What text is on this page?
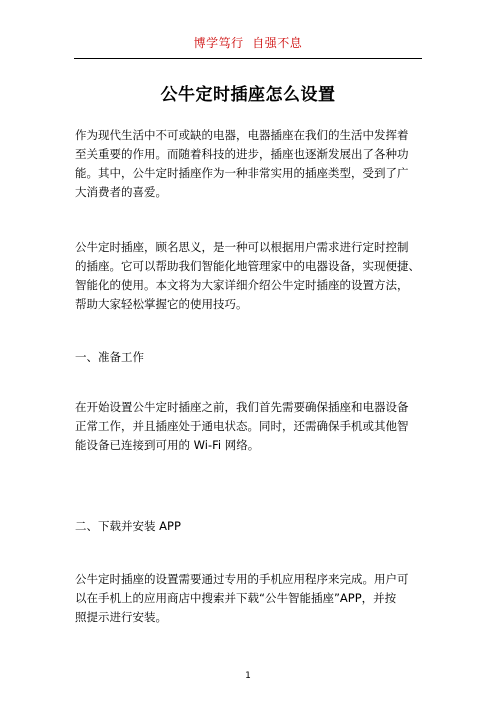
博学笃行  自强不息
公牛定时插座怎么设置
作为现代生活中不可或缺的电器，电器插座在我们的生活中发挥着
至关重要的作用。而随着科技的进步，插座也逐渐发展出了各种功
能。其中，公牛定时插座作为一种非常实用的插座类型，受到了广
大消费者的喜爱。
公牛定时插座，顾名思义，是一种可以根据用户需求进行定时控制
的插座。它可以帮助我们智能化地管理家中的电器设备，实现便捷、
智能化的使用。本文将为大家详细介绍公牛定时插座的设置方法，
帮助大家轻松掌握它的使用技巧。
一、准备工作
在开始设置公牛定时插座之前，我们首先需要确保插座和电器设备
正常工作，并且插座处于通电状态。同时，还需确保手机或其他智
能设备已连接到可用的 Wi-Fi 网络。
二、下载并安装 APP
公牛定时插座的设置需要通过专用的手机应用程序来完成。用户可
以在手机上的应用商店中搜索并下载“公牛智能插座”APP，并按
照提示进行安装。
1
